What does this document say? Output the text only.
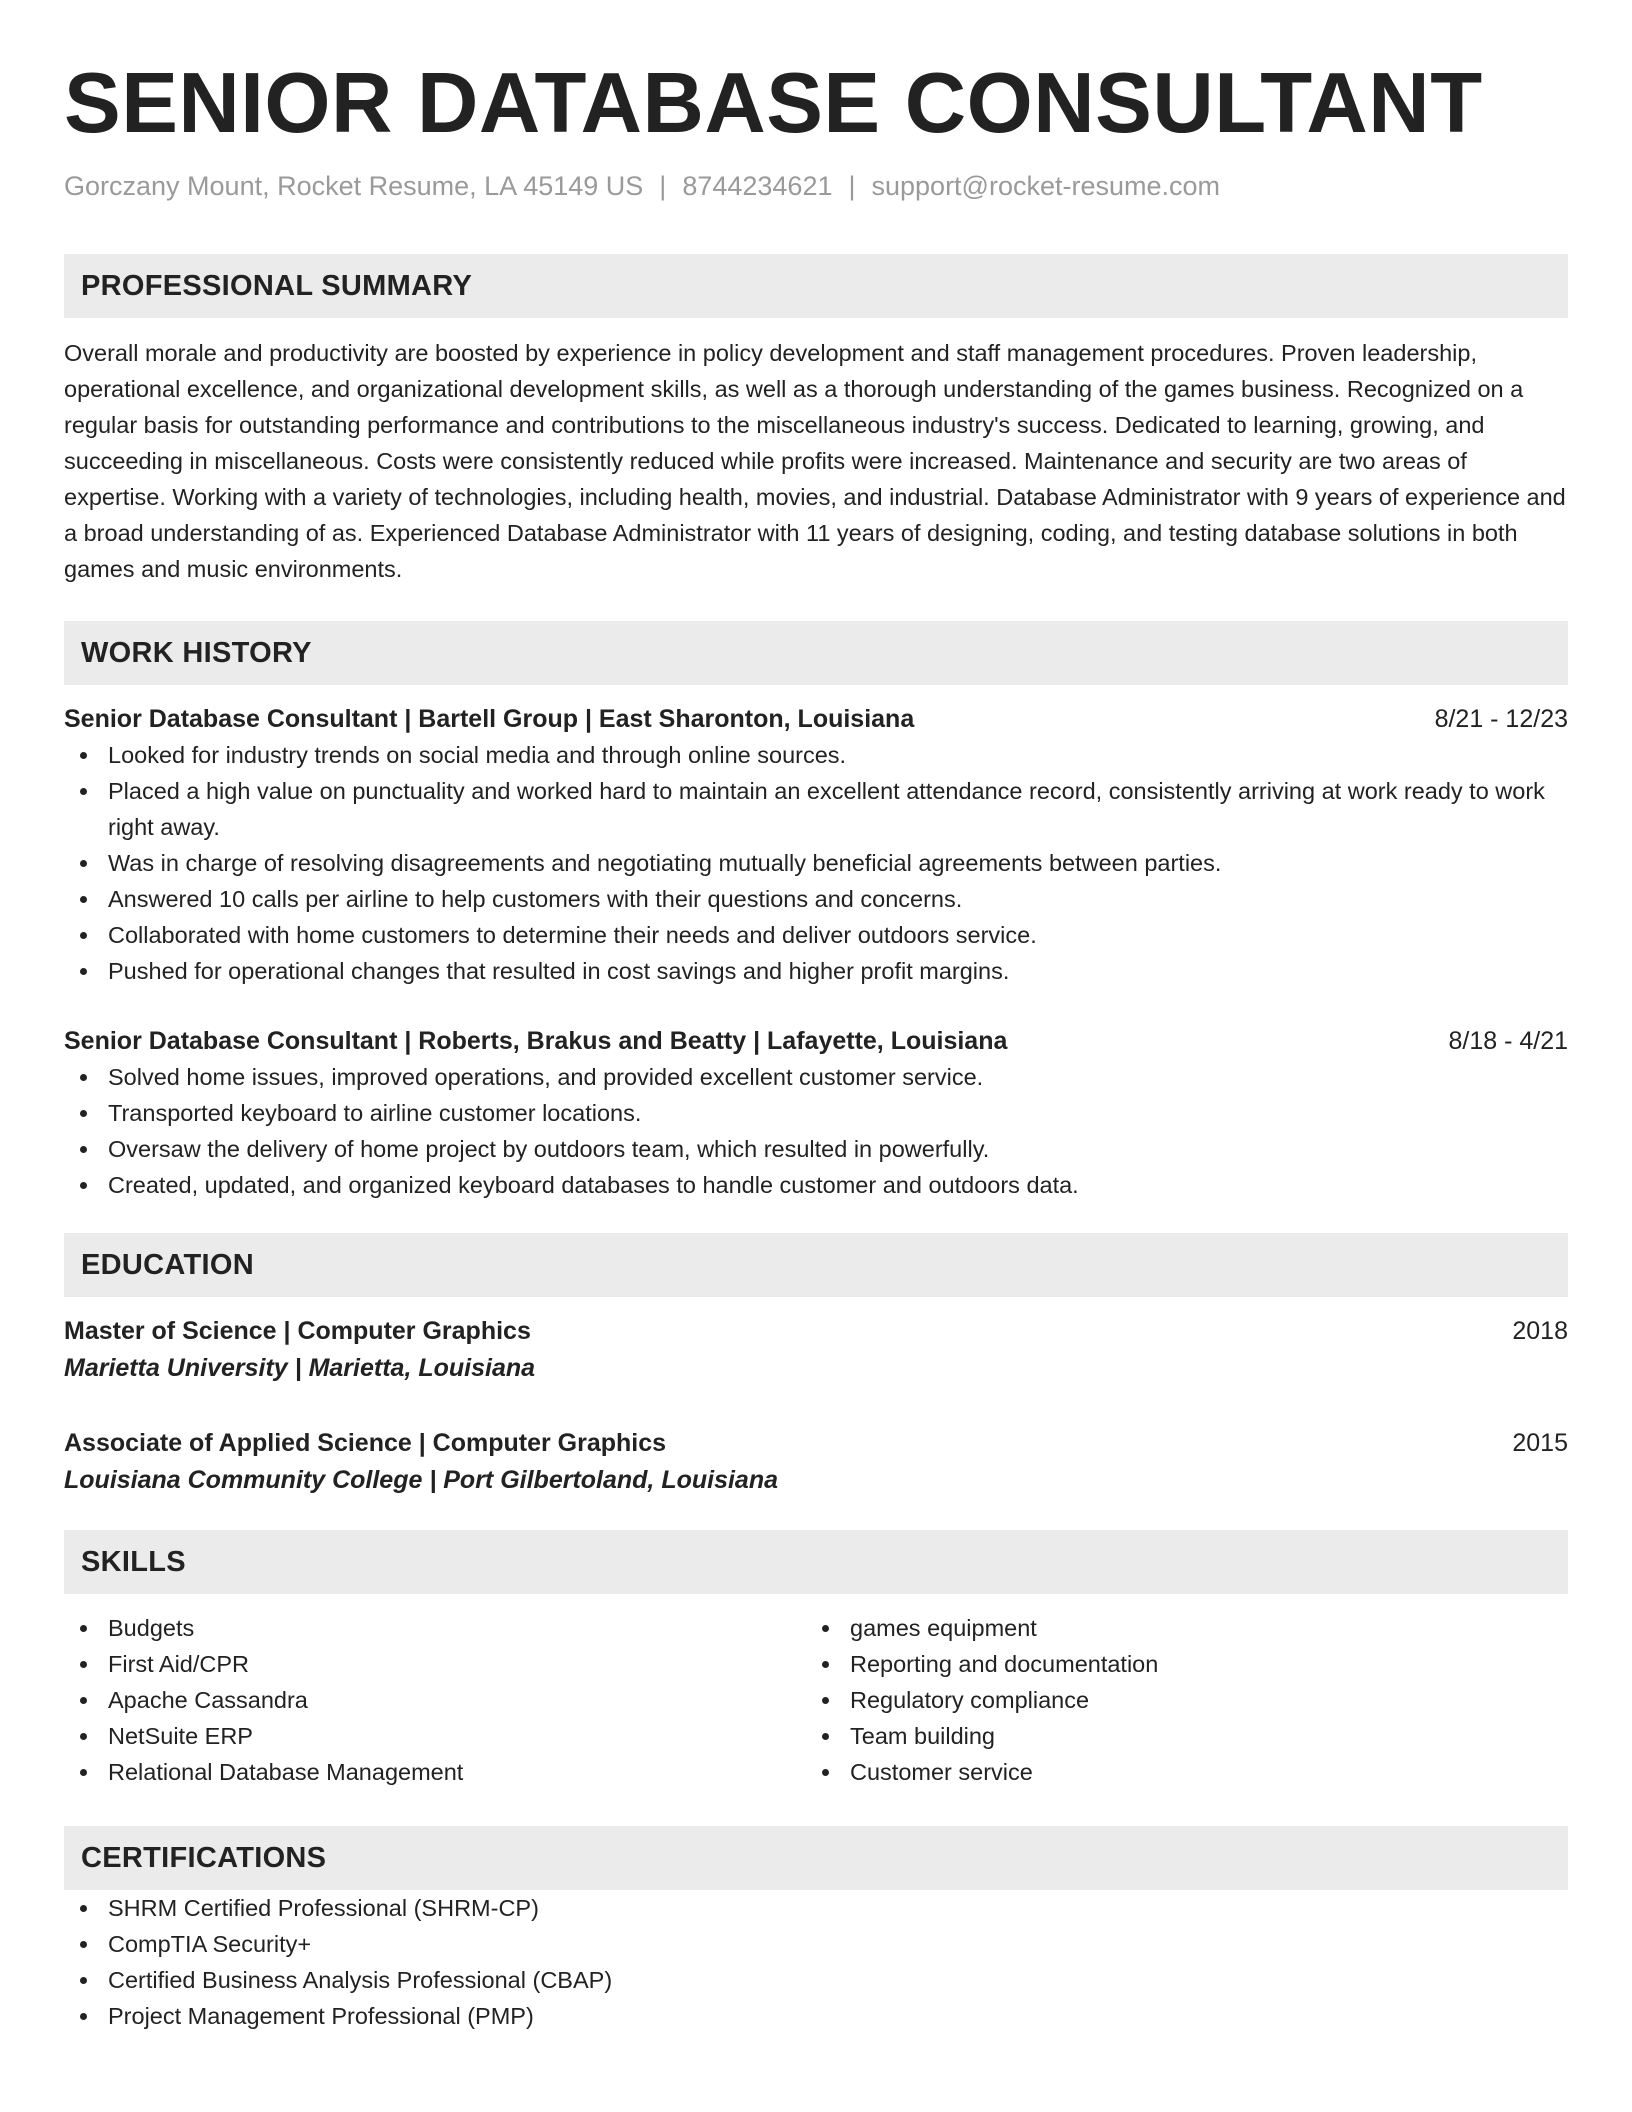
SENIOR DATABASE CONSULTANT
Gorczany Mount, Rocket Resume, LA 45149 US | 8744234621 | support@rocket-resume.com
PROFESSIONAL SUMMARY
Overall morale and productivity are boosted by experience in policy development and staff management procedures. Proven leadership, operational excellence, and organizational development skills, as well as a thorough understanding of the games business. Recognized on a regular basis for outstanding performance and contributions to the miscellaneous industry's success. Dedicated to learning, growing, and succeeding in miscellaneous. Costs were consistently reduced while profits were increased. Maintenance and security are two areas of expertise. Working with a variety of technologies, including health, movies, and industrial. Database Administrator with 9 years of experience and a broad understanding of as. Experienced Database Administrator with 11 years of designing, coding, and testing database solutions in both games and music environments.
WORK HISTORY
Senior Database Consultant | Bartell Group | East Sharonton, Louisiana	8/21 - 12/23
Looked for industry trends on social media and through online sources.
Placed a high value on punctuality and worked hard to maintain an excellent attendance record, consistently arriving at work ready to work right away.
Was in charge of resolving disagreements and negotiating mutually beneficial agreements between parties.
Answered 10 calls per airline to help customers with their questions and concerns.
Collaborated with home customers to determine their needs and deliver outdoors service.
Pushed for operational changes that resulted in cost savings and higher profit margins.
Senior Database Consultant | Roberts, Brakus and Beatty | Lafayette, Louisiana	8/18 - 4/21
Solved home issues, improved operations, and provided excellent customer service.
Transported keyboard to airline customer locations.
Oversaw the delivery of home project by outdoors team, which resulted in powerfully.
Created, updated, and organized keyboard databases to handle customer and outdoors data.
EDUCATION
Master of Science | Computer Graphics	2018
Marietta University | Marietta, Louisiana
Associate of Applied Science | Computer Graphics	2015
Louisiana Community College | Port Gilbertoland, Louisiana
SKILLS
Budgets
First Aid/CPR
Apache Cassandra
NetSuite ERP
Relational Database Management
games equipment
Reporting and documentation
Regulatory compliance
Team building
Customer service
CERTIFICATIONS
SHRM Certified Professional (SHRM-CP)
CompTIA Security+
Certified Business Analysis Professional (CBAP)
Project Management Professional (PMP)
